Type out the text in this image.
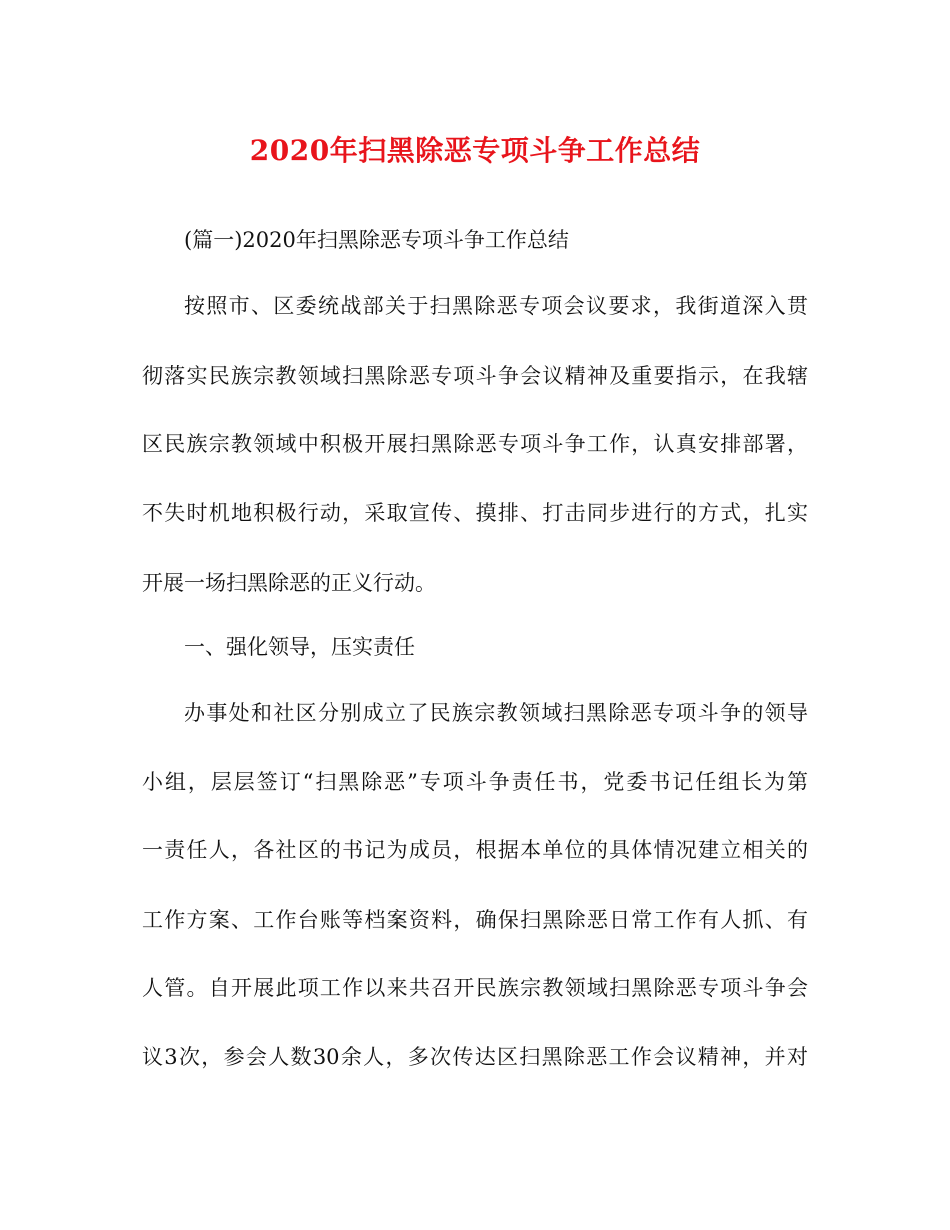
2020年扫黑除恶专项斗争工作总结
(篇一)2020年扫黑除恶专项斗争工作总结
按照市、区委统战部关于扫黑除恶专项会议要求，我街道深入贯
彻落实民族宗教领域扫黑除恶专项斗争会议精神及重要指示，在我辖
区民族宗教领域中积极开展扫黑除恶专项斗争工作，认真安排部署，
不失时机地积极行动，采取宣传、摸排、打击同步进行的方式，扎实
开展一场扫黑除恶的正义行动。
一、强化领导，压实责任
办事处和社区分别成立了民族宗教领域扫黑除恶专项斗争的领导
小组，层层签订“扫黑除恶”专项斗争责任书，党委书记任组长为第
一责任人，各社区的书记为成员，根据本单位的具体情况建立相关的
工作方案、工作台账等档案资料，确保扫黑除恶日常工作有人抓、有
人管。自开展此项工作以来共召开民族宗教领域扫黑除恶专项斗争会
议3次，参会人数30余人，多次传达区扫黑除恶工作会议精神，并对
